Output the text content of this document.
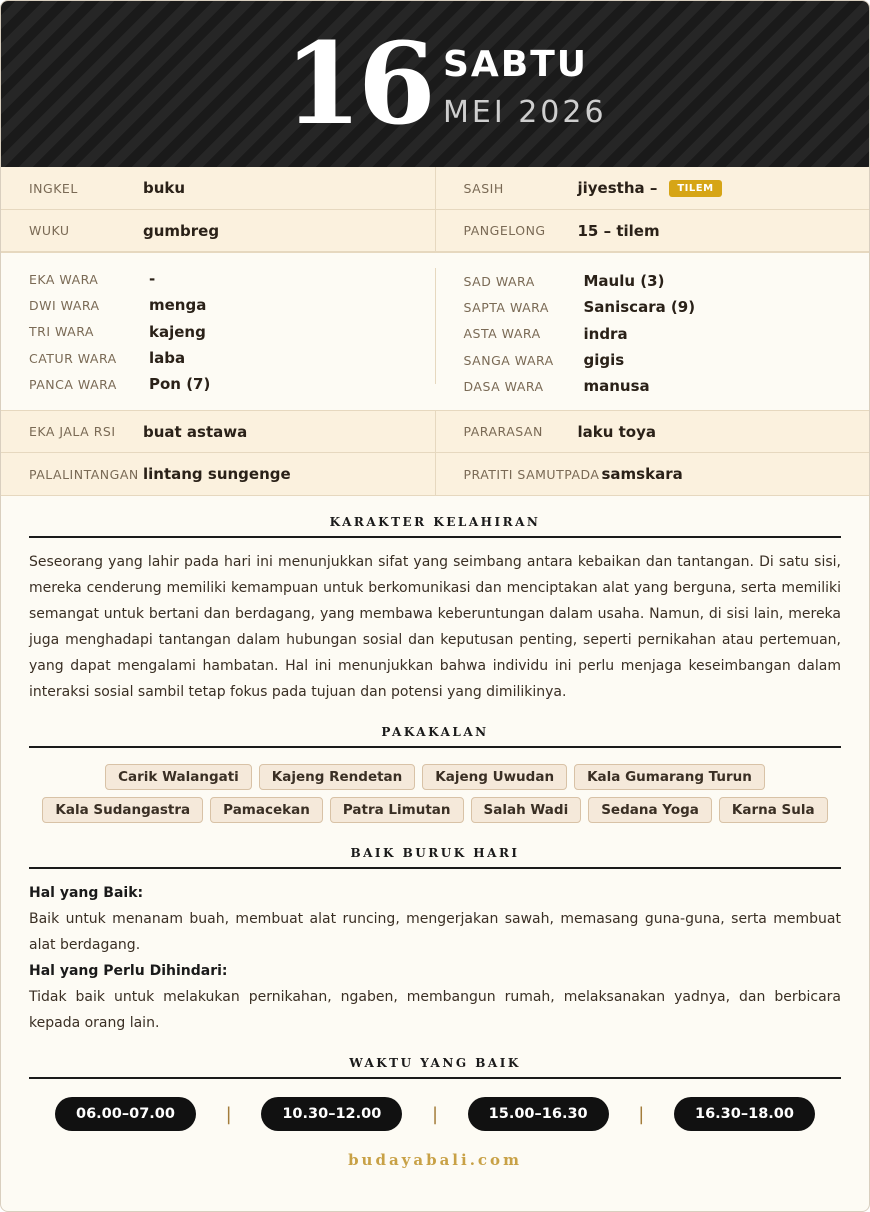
16 SABTU
MEI 2026
INGKEL	buku	SASIH	jiyestha –	TILEM
WUKU	gumbreg	PANGELONG	15 – tilem
EKA WARA	-
DWI WARA	menga
TRI WARA	kajeng
CATUR WARA	laba
PANCA WARA	Pon (7)
SAD WARA	Maulu (3)
SAPTA WARA	Saniscara (9)
ASTA WARA	indra
SANGA WARA	gigis
DASA WARA	manusa
EKA JALA RSI	buat astawa	PARARASAN	laku toya
PALALINTANGAN lintang sungenge	PRATITI SAMUTPADA samskara
KARAKTER KELAHIRAN

Seseorang yang lahir pada hari ini menunjukkan sifat yang seimbang antara kebaikan dan tantangan. Di satu sisi, mereka cenderung memiliki kemampuan untuk berkomunikasi dan menciptakan alat yang berguna, serta memiliki semangat untuk bertani dan berdagang, yang membawa keberuntungan dalam usaha. Namun, di sisi lain, mereka juga menghadapi tantangan dalam hubungan sosial dan keputusan penting, seperti pernikahan atau pertemuan, yang dapat mengalami hambatan. Hal ini menunjukkan bahwa individu ini perlu menjaga keseimbangan dalam interaksi sosial sambil tetap fokus pada tujuan dan potensi yang dimilikinya.

PAKAKALAN
Carik Walangati	Kajeng Rendetan	Kajeng Uwudan	Kala Gumarang Turun
Kala Sudangastra	Pamacekan	Patra Limutan	Salah Wadi	Sedana Yoga	Karna Sula
BAIK BURUK HARI
Hal yang Baik:
Baik untuk menanam buah, membuat alat runcing, mengerjakan sawah, memasang guna-guna, serta membuat alat berdagang.
Hal yang Perlu Dihindari:
Tidak baik untuk melakukan pernikahan, ngaben, membangun rumah, melaksanakan yadnya, dan berbicara kepada orang lain.
WAKTU YANG BAIK
06.00–07.00	|	10.30–12.00	|	15.00–16.30	|	16.30–18.00
budayabali.com
